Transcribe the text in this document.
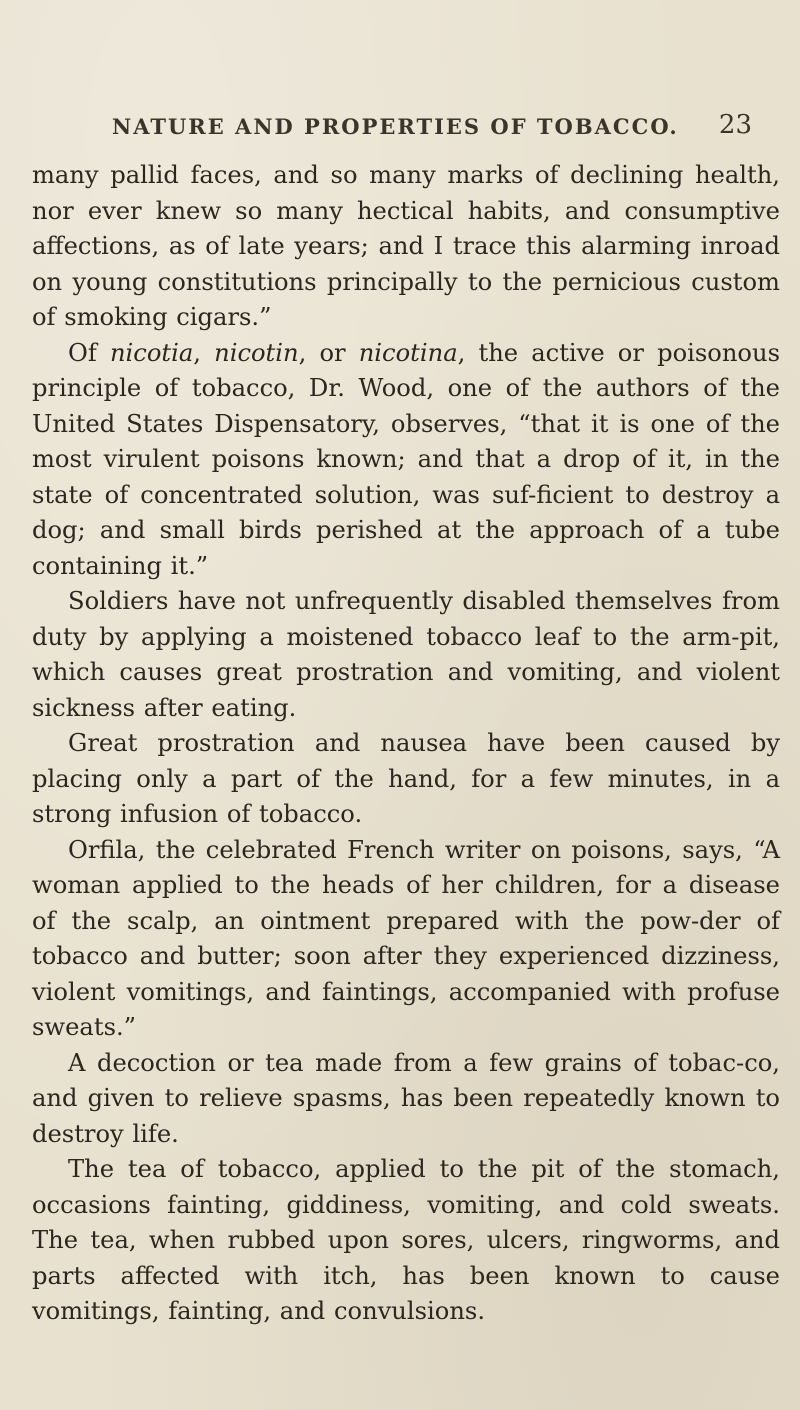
NATURE AND PROPERTIES OF TOBACCO. 23

many pallid faces, and so many marks of declining health, nor ever knew so many hectical habits, and consumptive affections, as of late years; and I trace this alarming inroad on young constitutions principally to the pernicious custom of smoking cigars.”

Of nicotia, nicotin, or nicotina, the active or poisonous principle of tobacco, Dr. Wood, one of the authors of the United States Dispensatory, observes, “that it is one of the most virulent poisons known; and that a drop of it, in the state of concentrated solution, was suf-ficient to destroy a dog; and small birds perished at the approach of a tube containing it.”

Soldiers have not unfrequently disabled themselves from duty by applying a moistened tobacco leaf to the arm-pit, which causes great prostration and vomiting, and violent sickness after eating.

Great prostration and nausea have been caused by placing only a part of the hand, for a few minutes, in a strong infusion of tobacco.

Orfila, the celebrated French writer on poisons, says, “A woman applied to the heads of her children, for a disease of the scalp, an ointment prepared with the pow-der of tobacco and butter; soon after they experienced dizziness, violent vomitings, and faintings, accompanied with profuse sweats.”

A decoction or tea made from a few grains of tobac-co, and given to relieve spasms, has been repeatedly known to destroy life.

The tea of tobacco, applied to the pit of the stomach, occasions fainting, giddiness, vomiting, and cold sweats. The tea, when rubbed upon sores, ulcers, ringworms, and parts affected with itch, has been known to cause vomitings, fainting, and convulsions.
